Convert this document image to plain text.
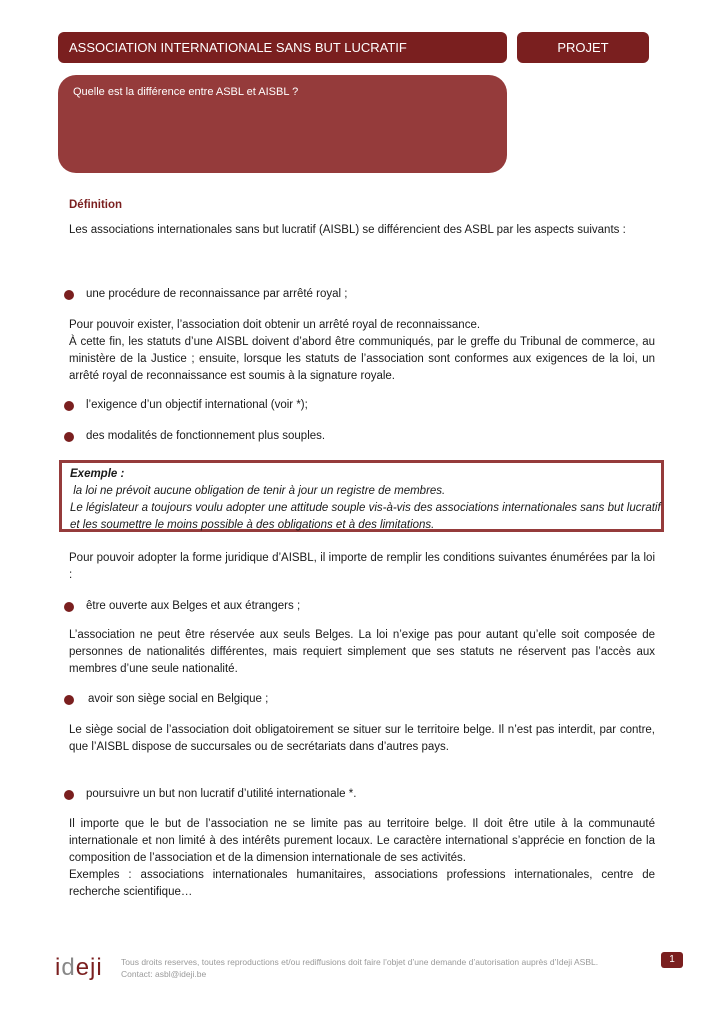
ASSOCIATION INTERNATIONALE SANS BUT LUCRATIF	PROJET
Quelle est la différence entre ASBL et AISBL ?

Définition

Les associations internationales sans but lucratif (AISBL) se différencient des ASBL par les aspects suivants :

une procédure de reconnaissance par arrêté royal ;

Pour pouvoir exister, l’association doit obtenir un arrêté royal de reconnaissance.

À cette fin, les statuts d’une AISBL doivent d’abord être communiqués, par le greffe du Tribunal de commerce, au ministère de la Justice ; ensuite, lorsque les statuts de l’association sont conformes aux exigences de la loi, un arrêté royal de reconnaissance est soumis à la signature royale.

l’exigence d’un objectif international (voir *);
des modalités de fonctionnement plus souples.
Exemple :
la loi ne prévoit aucune obligation de tenir à jour un registre de membres.
Le législateur a toujours voulu adopter une attitude souple vis-à-vis des associations internationales sans but lucratif et les soumettre le moins possible à des obligations et à des limitations.

Pour pouvoir adopter la forme juridique d’AISBL, il importe de remplir les conditions suivantes énumérées par la loi :

être ouverte aux Belges et aux étrangers ;

L’association ne peut être réservée aux seuls Belges. La loi n’exige pas pour autant qu’elle soit composée de personnes de nationalités différentes, mais requiert simplement que ses statuts ne réservent pas l’accès aux membres d’une seule nationalité.

avoir son siège social en Belgique ;

Le siège social de l’association doit obligatoirement se situer sur le territoire belge. Il n’est pas interdit, par contre, que l’AISBL dispose de succursales ou de secrétariats dans d’autres pays.

poursuivre un but non lucratif d’utilité internationale *.

Il importe que le but de l’association ne se limite pas au territoire belge. Il doit être utile à la communauté internationale et non limité à des intérêts purement locaux. Le caractère international s’apprécie en fonction de la composition de l’association et de la dimension internationale de ses activités.

Exemples : associations internationales humanitaires, associations professions internationales, centre de recherche scientifique…

ideji Tous droits reserves, toutes reproductions et/ou rediffusions doit faire l’objet d’une demande d’autorisation auprès d’Ideji ASBL.
Contact: asbl@ideji.be
1
